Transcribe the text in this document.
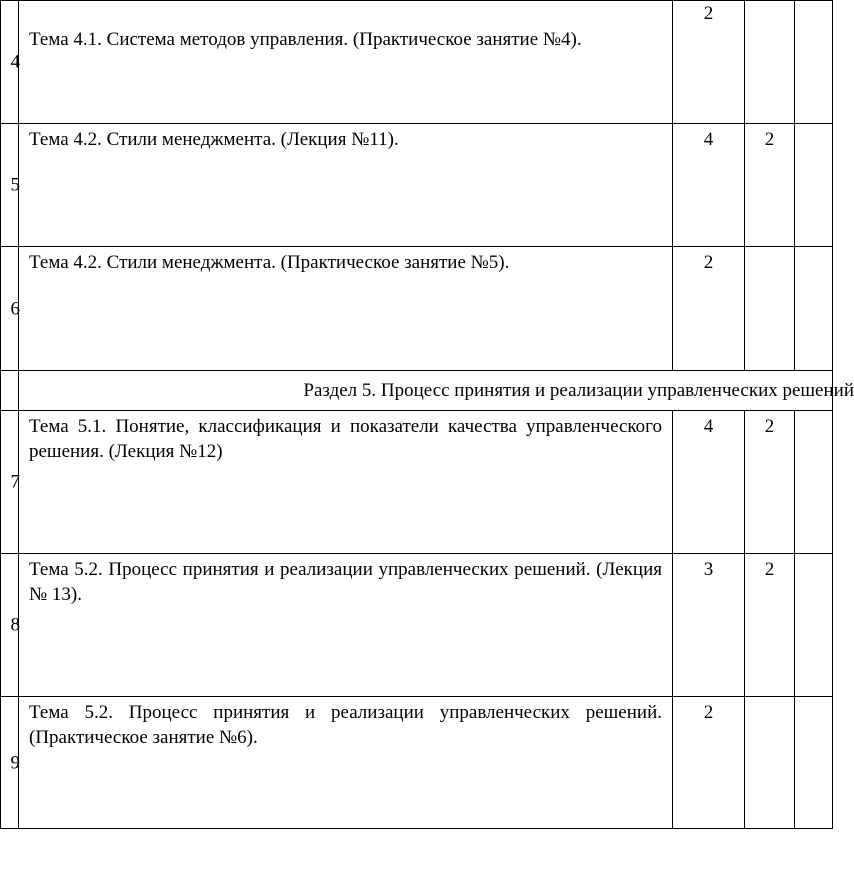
4	Тема 4.1. Система методов управления. (Практическое занятие №4).	2		

5	Тема 4.2. Стили менеджмента. (Лекция №11).	4	2	

6	Тема 4.2. Стили менеджмента. (Практическое занятие №5).	2		

	Раздел 5. Процесс принятия и реализации управленческих решений			

7	Тема 5.1. Понятие, классификация и показатели качества управленческого решения. (Лекция №12)	4	2	

8	Тема 5.2. Процесс принятия и реализации управленческих решений. (Лекция № 13).	3	2	

9	Тема 5.2. Процесс принятия и реализации управленческих решений. (Практическое занятие №6).	2		
